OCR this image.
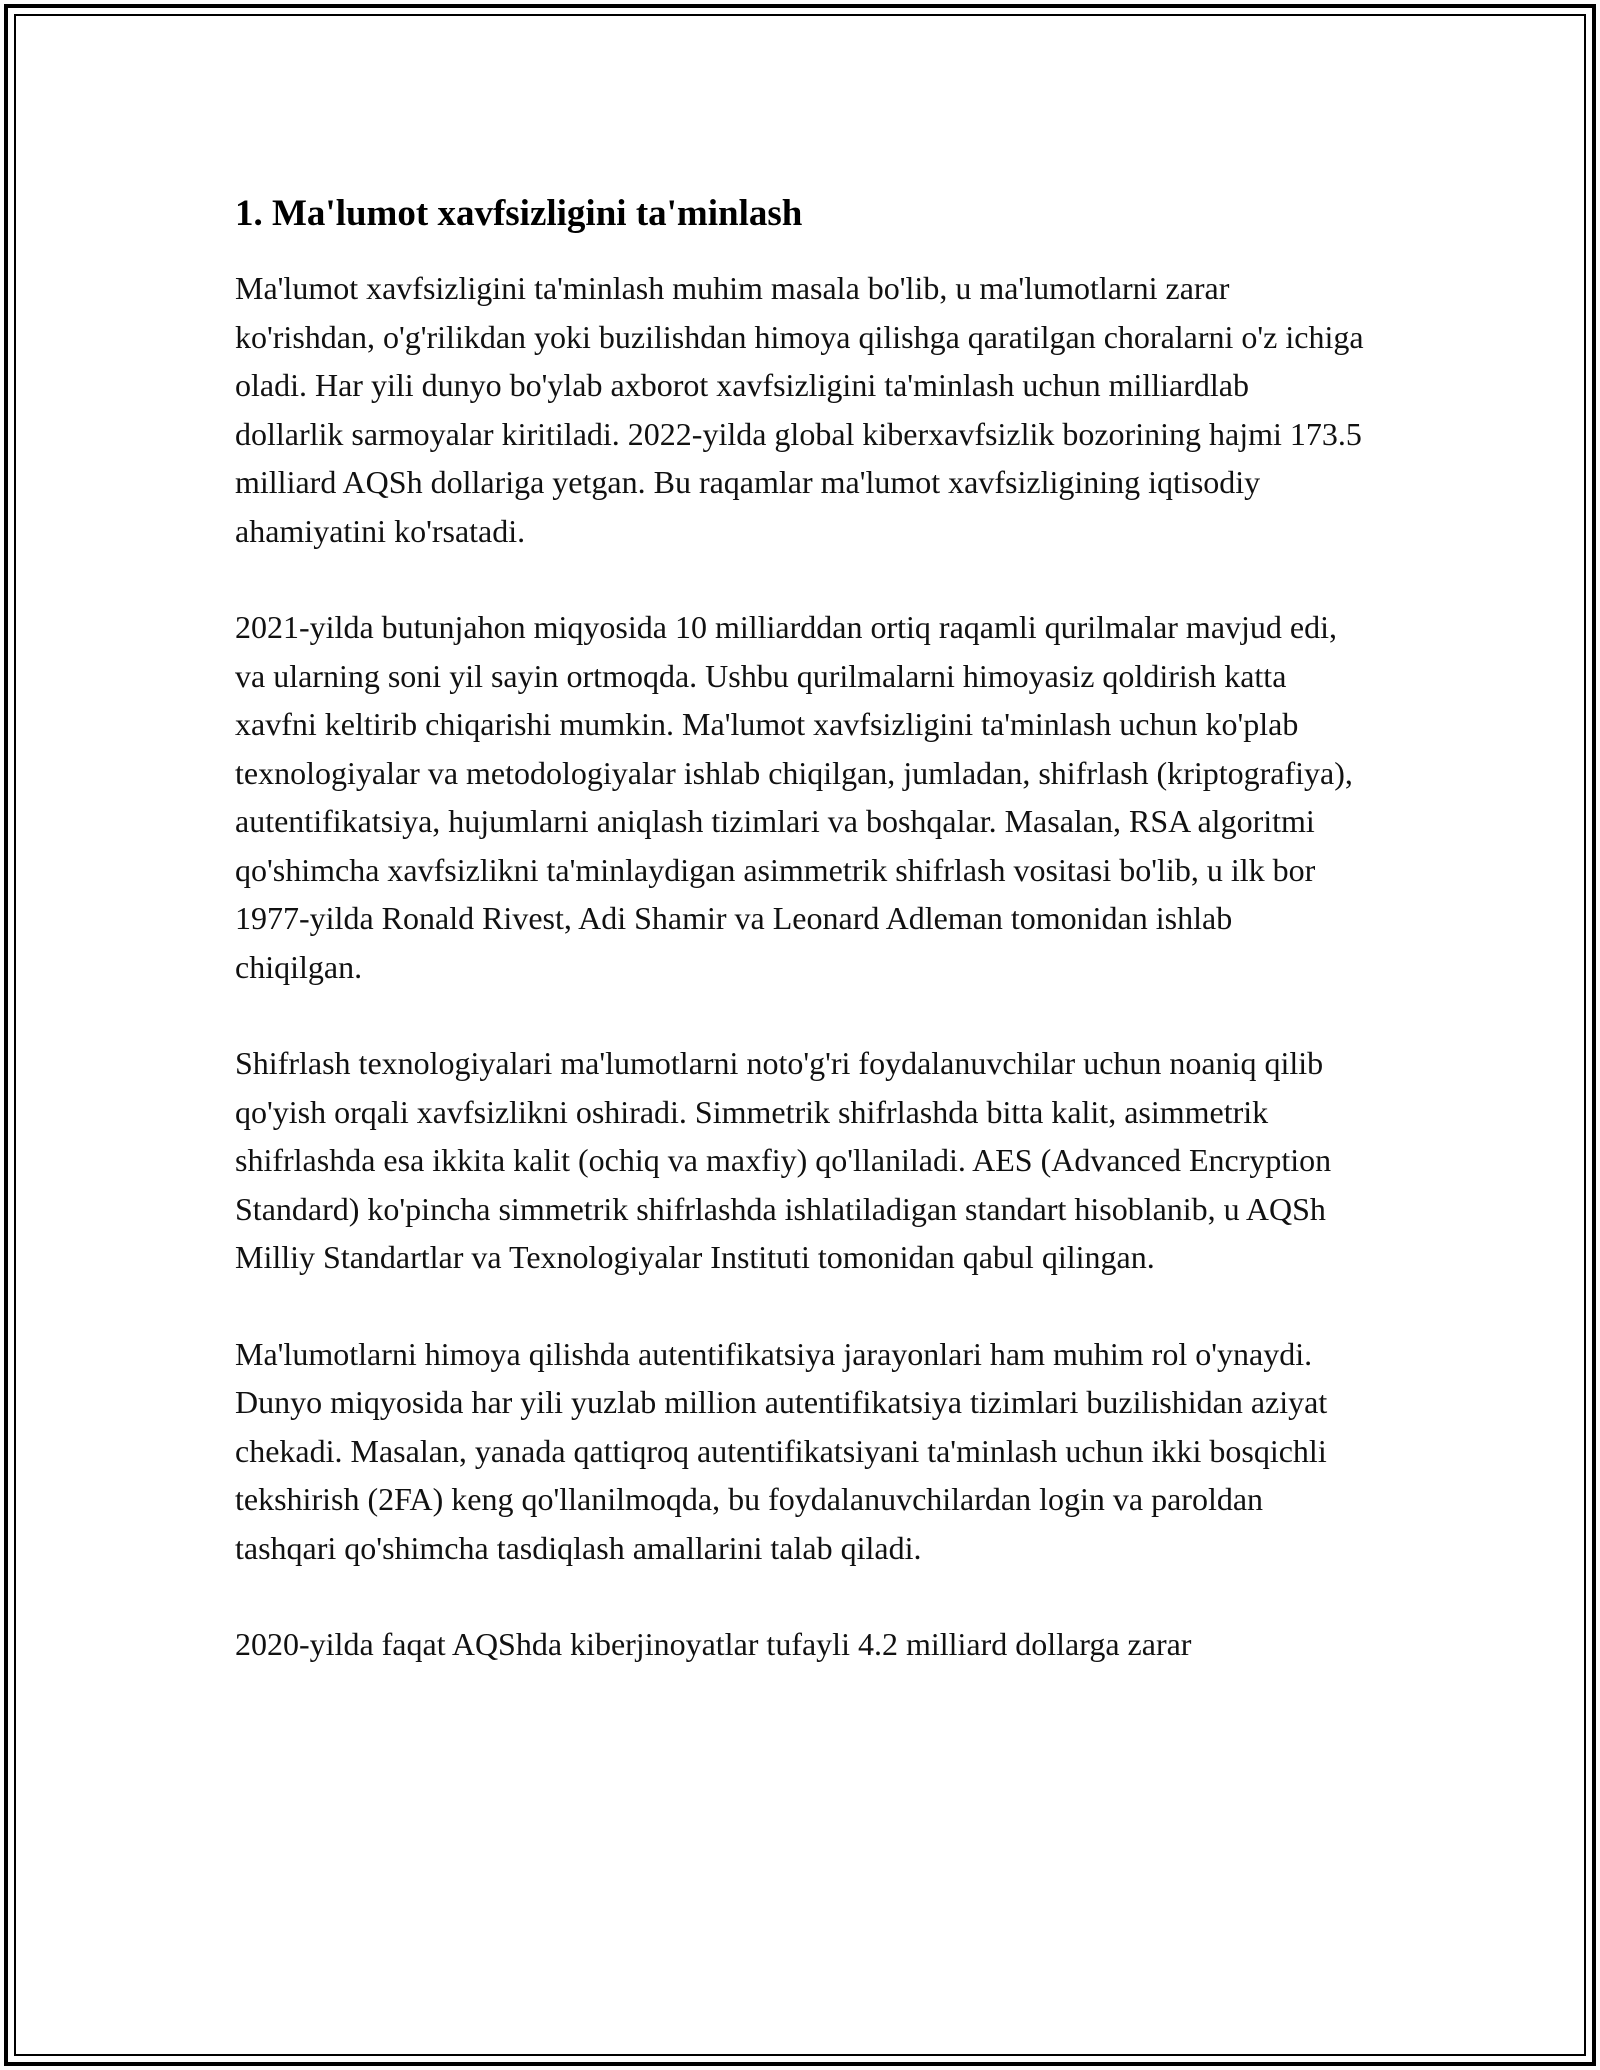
1. Ma'lumot xavfsizligini ta'minlash

Ma'lumot xavfsizligini ta'minlash muhim masala bo'lib, u ma'lumotlarni zarar ko'rishdan, o'g'rilikdan yoki buzilishdan himoya qilishga qaratilgan choralarni o'z ichiga oladi. Har yili dunyo bo'ylab axborot xavfsizligini ta'minlash uchun milliardlab dollarlik sarmoyalar kiritiladi. 2022-yilda global kiberxavfsizlik bozorining hajmi 173.5 milliard AQSh dollariga yetgan. Bu raqamlar ma'lumot xavfsizligining iqtisodiy ahamiyatini ko'rsatadi.

2021-yilda butunjahon miqyosida 10 milliarddan ortiq raqamli qurilmalar mavjud edi, va ularning soni yil sayin ortmoqda. Ushbu qurilmalarni himoyasiz qoldirish katta xavfni keltirib chiqarishi mumkin. Ma'lumot xavfsizligini ta'minlash uchun ko'plab texnologiyalar va metodologiyalar ishlab chiqilgan, jumladan, shifrlash (kriptografiya), autentifikatsiya, hujumlarni aniqlash tizimlari va boshqalar. Masalan, RSA algoritmi qo'shimcha xavfsizlikni ta'minlaydigan asimmetrik shifrlash vositasi bo'lib, u ilk bor 1977-yilda Ronald Rivest, Adi Shamir va Leonard Adleman tomonidan ishlab chiqilgan.

Shifrlash texnologiyalari ma'lumotlarni noto'g'ri foydalanuvchilar uchun noaniq qilib qo'yish orqali xavfsizlikni oshiradi. Simmetrik shifrlashda bitta kalit, asimmetrik shifrlashda esa ikkita kalit (ochiq va maxfiy) qo'llaniladi. AES (Advanced Encryption Standard) ko'pincha simmetrik shifrlashda ishlatiladigan standart hisoblanib, u AQSh Milliy Standartlar va Texnologiyalar Instituti tomonidan qabul qilingan.

Ma'lumotlarni himoya qilishda autentifikatsiya jarayonlari ham muhim rol o'ynaydi. Dunyo miqyosida har yili yuzlab million autentifikatsiya tizimlari buzilishidan aziyat chekadi. Masalan, yanada qattiqroq autentifikatsiyani ta'minlash uchun ikki bosqichli tekshirish (2FA) keng qo'llanilmoqda, bu foydalanuvchilardan login va paroldan tashqari qo'shimcha tasdiqlash amallarini talab qiladi.

2020-yilda faqat AQShda kiberjinoyatlar tufayli 4.2 milliard dollarga zarar
